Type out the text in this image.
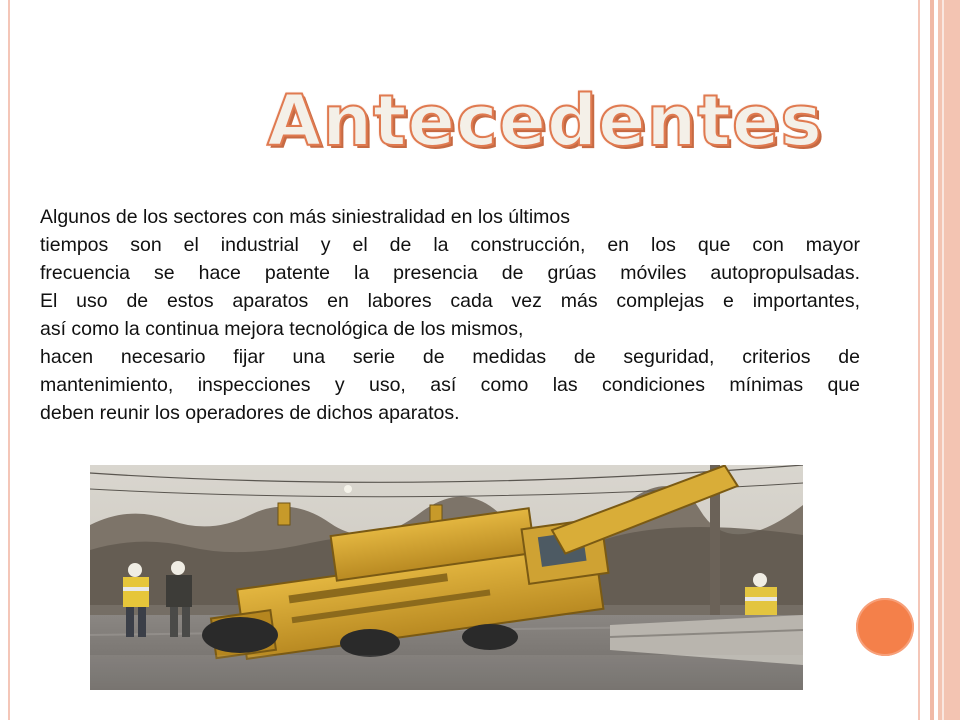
Antecedentes

Algunos de los sectores con más siniestralidad en los últimos
tiempos son el industrial y el de la construcción, en los que con mayor
frecuencia se hace patente la presencia de grúas móviles autopropulsadas.
El uso de estos aparatos en labores cada vez más complejas e importantes,
así como la continua mejora tecnológica de los mismos,
hacen necesario fijar una serie de medidas de seguridad, criterios de
mantenimiento, inspecciones y uso, así como las condiciones mínimas que
deben reunir los operadores de dichos aparatos.
